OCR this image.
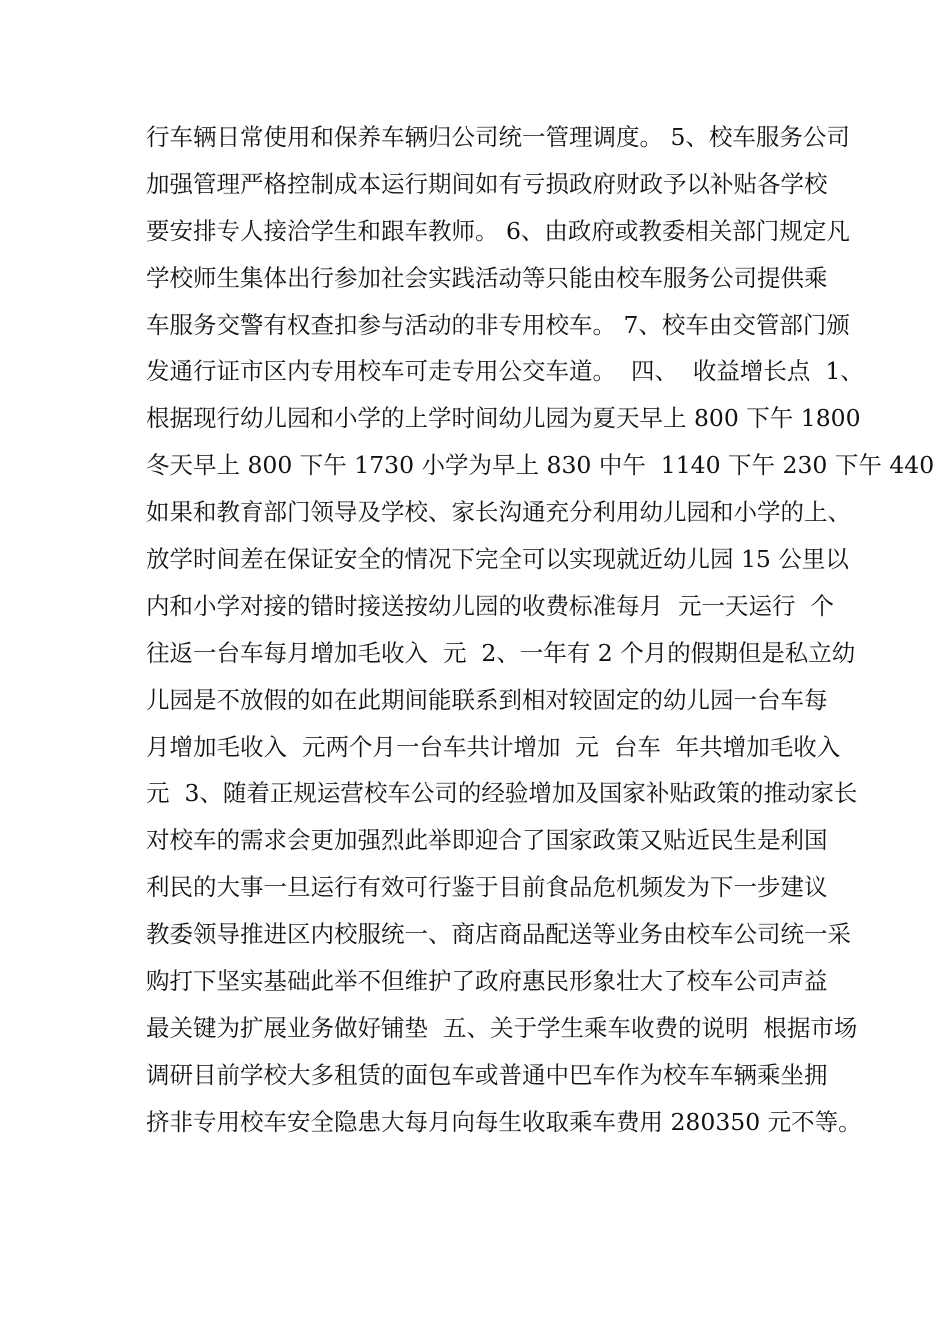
行车辆日常使用和保养车辆归公司统一管理调度。 5、校车服务公司
加强管理严格控制成本运行期间如有亏损政府财政予以补贴各学校
要安排专人接洽学生和跟车教师。 6、由政府或教委相关部门规定凡
学校师生集体出行参加社会实践活动等只能由校车服务公司提供乘
车服务交警有权查扣参与活动的非专用校车。 7、校车由交管部门颁
发通行证市区内专用校车可走专用公交车道。  四、  收益增长点  1、
根据现行幼儿园和小学的上学时间幼儿园为夏天早上 800 下午 1800
冬天早上 800 下午 1730 小学为早上 830 中午  1140 下午 230 下午 440
如果和教育部门领导及学校、家长沟通充分利用幼儿园和小学的上、
放学时间差在保证安全的情况下完全可以实现就近幼儿园 15 公里以
内和小学对接的错时接送按幼儿园的收费标准每月  元一天运行  个
往返一台车每月增加毛收入  元  2、一年有 2 个月的假期但是私立幼
儿园是不放假的如在此期间能联系到相对较固定的幼儿园一台车每
月增加毛收入  元两个月一台车共计增加  元  台车  年共增加毛收入
元  3、随着正规运营校车公司的经验增加及国家补贴政策的推动家长
对校车的需求会更加强烈此举即迎合了国家政策又贴近民生是利国
利民的大事一旦运行有效可行鉴于目前食品危机频发为下一步建议
教委领导推进区内校服统一、商店商品配送等业务由校车公司统一采
购打下坚实基础此举不但维护了政府惠民形象壮大了校车公司声益
最关键为扩展业务做好铺垫  五、关于学生乘车收费的说明  根据市场
调研目前学校大多租赁的面包车或普通中巴车作为校车车辆乘坐拥
挤非专用校车安全隐患大每月向每生收取乘车费用 280350 元不等。
